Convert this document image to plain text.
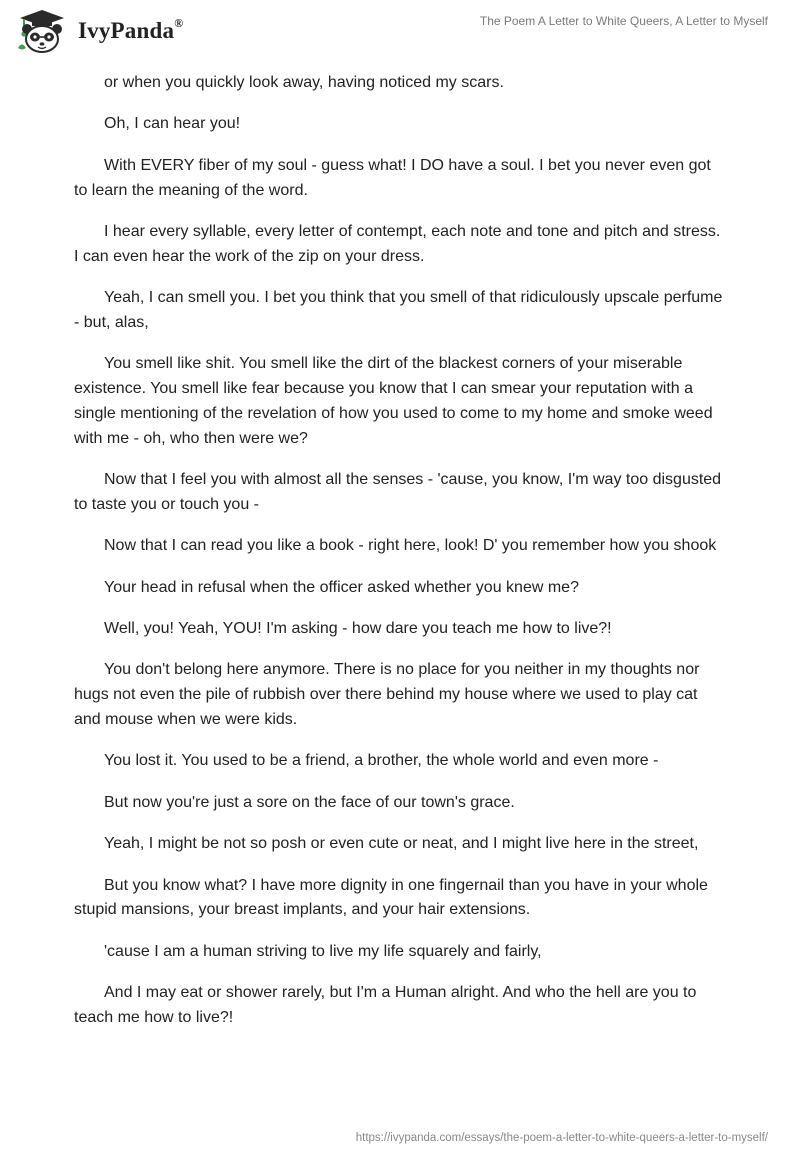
IvyPanda®	The Poem A Letter to White Queers, A Letter to Myself

or when you quickly look away, having noticed my scars.

Oh, I can hear you!

With EVERY fiber of my soul - guess what! I DO have a soul. I bet you never even got to learn the meaning of the word.

I hear every syllable, every letter of contempt, each note and tone and pitch and stress. I can even hear the work of the zip on your dress.

Yeah, I can smell you. I bet you think that you smell of that ridiculously upscale perfume - but, alas,

You smell like shit. You smell like the dirt of the blackest corners of your miserable existence. You smell like fear because you know that I can smear your reputation with a single mentioning of the revelation of how you used to come to my home and smoke weed with me - oh, who then were we?

Now that I feel you with almost all the senses - 'cause, you know, I'm way too disgusted to taste you or touch you -

Now that I can read you like a book - right here, look! D' you remember how you shook

Your head in refusal when the officer asked whether you knew me?

Well, you! Yeah, YOU! I'm asking - how dare you teach me how to live?!

You don't belong here anymore. There is no place for you neither in my thoughts nor hugs not even the pile of rubbish over there behind my house where we used to play cat and mouse when we were kids.

You lost it. You used to be a friend, a brother, the whole world and even more -

But now you're just a sore on the face of our town's grace.

Yeah, I might be not so posh or even cute or neat, and I might live here in the street,

But you know what? I have more dignity in one fingernail than you have in your whole stupid mansions, your breast implants, and your hair extensions.

'cause I am a human striving to live my life squarely and fairly,

And I may eat or shower rarely, but I'm a Human alright. And who the hell are you to teach me how to live?!

https://ivypanda.com/essays/the-poem-a-letter-to-white-queers-a-letter-to-myself/
